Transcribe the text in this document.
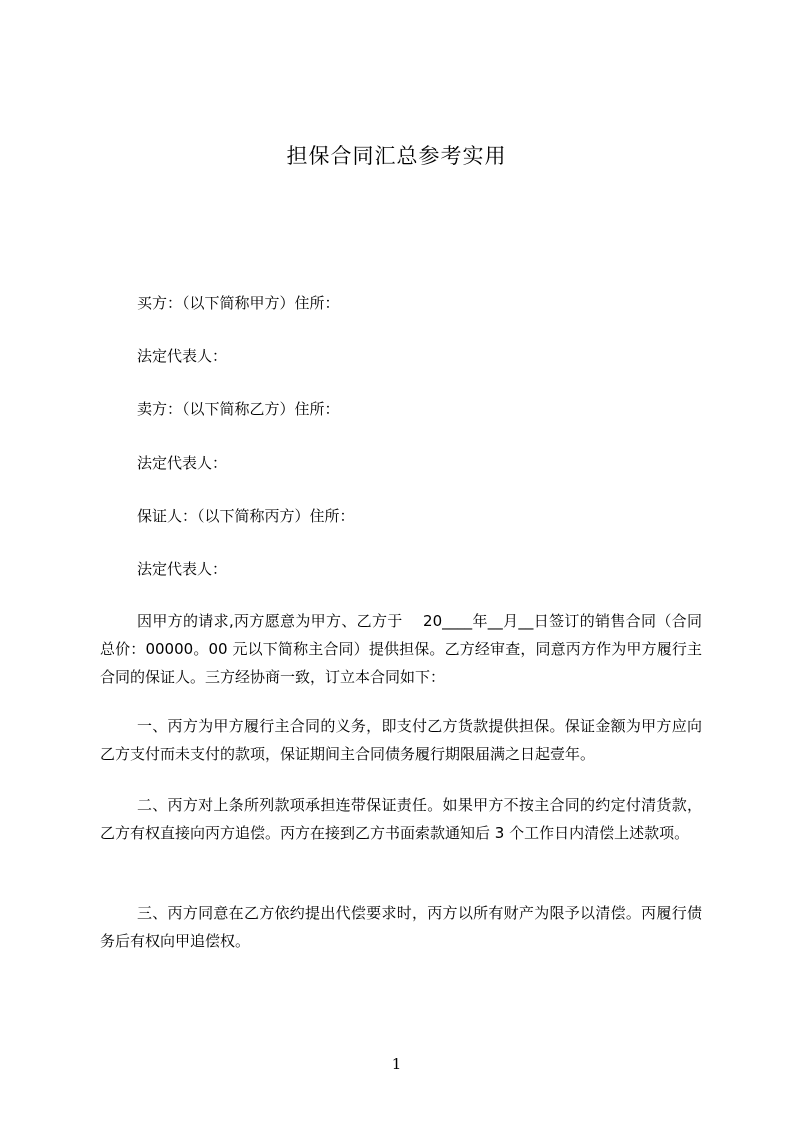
担保合同汇总参考实用
买方：（以下简称甲方）住所：
法定代表人：
卖方：（以下简称乙方）住所：
法定代表人：
保证人：（以下简称丙方）住所：
法定代表人：
因甲方的请求,丙方愿意为甲方、乙方于　 20____年__月__日签订的销售合同（合同总价：00000。00 元以下简称主合同）提供担保。乙方经审查，同意丙方作为甲方履行主合同的保证人。三方经协商一致，订立本合同如下：
一、丙方为甲方履行主合同的义务，即支付乙方货款提供担保。保证金额为甲方应向乙方支付而未支付的款项，保证期间主合同债务履行期限届满之日起壹年。
二、丙方对上条所列款项承担连带保证责任。如果甲方不按主合同的约定付清货款，乙方有权直接向丙方追偿。丙方在接到乙方书面索款通知后 3 个工作日内清偿上述款项。
三、丙方同意在乙方依约提出代偿要求时，丙方以所有财产为限予以清偿。丙履行债务后有权向甲追偿权。
1
